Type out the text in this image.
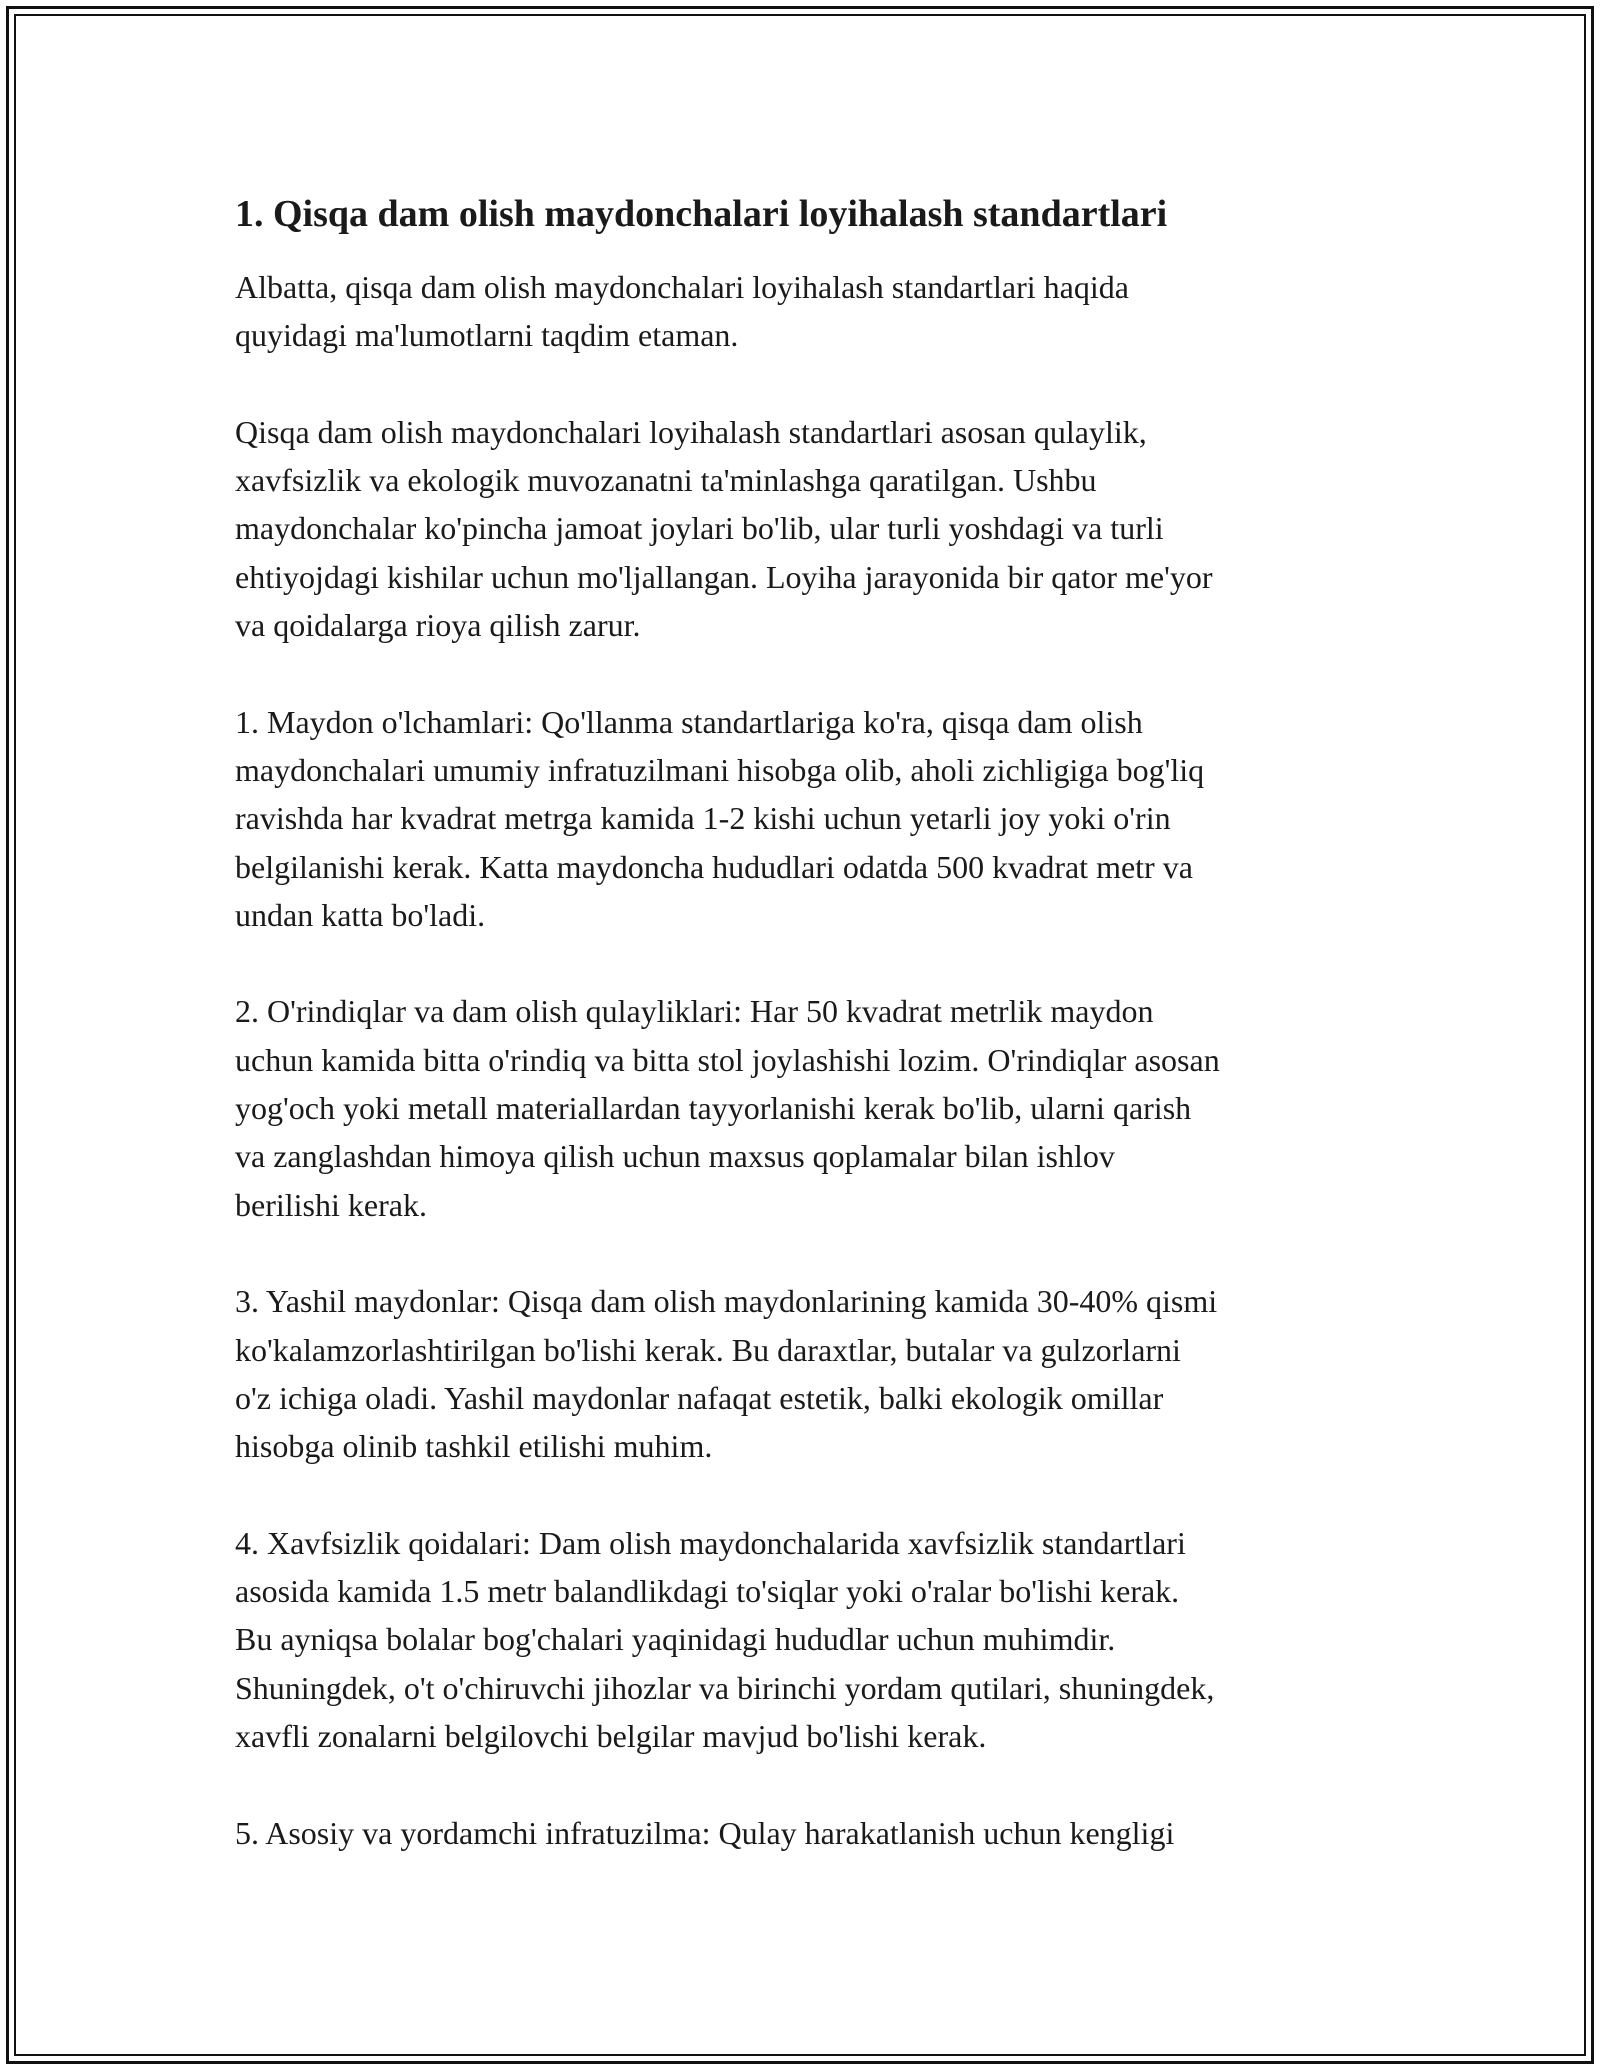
1. Qisqa dam olish maydonchalari loyihalash standartlari

Albatta, qisqa dam olish maydonchalari loyihalash standartlari haqida
quyidagi ma'lumotlarni taqdim etaman.

Qisqa dam olish maydonchalari loyihalash standartlari asosan qulaylik,
xavfsizlik va ekologik muvozanatni ta'minlashga qaratilgan. Ushbu
maydonchalar ko'pincha jamoat joylari bo'lib, ular turli yoshdagi va turli
ehtiyojdagi kishilar uchun mo'ljallangan. Loyiha jarayonida bir qator me'yor
va qoidalarga rioya qilish zarur.

1. Maydon o'lchamlari: Qo'llanma standartlariga ko'ra, qisqa dam olish
maydonchalari umumiy infratuzilmani hisobga olib, aholi zichligiga bog'liq
ravishda har kvadrat metrga kamida 1-2 kishi uchun yetarli joy yoki o'rin
belgilanishi kerak. Katta maydoncha hududlari odatda 500 kvadrat metr va
undan katta bo'ladi.

2. O'rindiqlar va dam olish qulayliklari: Har 50 kvadrat metrlik maydon
uchun kamida bitta o'rindiq va bitta stol joylashishi lozim. O'rindiqlar asosan
yog'och yoki metall materiallardan tayyorlanishi kerak bo'lib, ularni qarish
va zanglashdan himoya qilish uchun maxsus qoplamalar bilan ishlov
berilishi kerak.

3. Yashil maydonlar: Qisqa dam olish maydonlarining kamida 30-40% qismi
ko'kalamzorlashtirilgan bo'lishi kerak. Bu daraxtlar, butalar va gulzorlarni
o'z ichiga oladi. Yashil maydonlar nafaqat estetik, balki ekologik omillar
hisobga olinib tashkil etilishi muhim.

4. Xavfsizlik qoidalari: Dam olish maydonchalarida xavfsizlik standartlari
asosida kamida 1.5 metr balandlikdagi to'siqlar yoki o'ralar bo'lishi kerak.
Bu ayniqsa bolalar bog'chalari yaqinidagi hududlar uchun muhimdir.
Shuningdek, o't o'chiruvchi jihozlar va birinchi yordam qutilari, shuningdek,
xavfli zonalarni belgilovchi belgilar mavjud bo'lishi kerak.

5. Asosiy va yordamchi infratuzilma: Qulay harakatlanish uchun kengligi
